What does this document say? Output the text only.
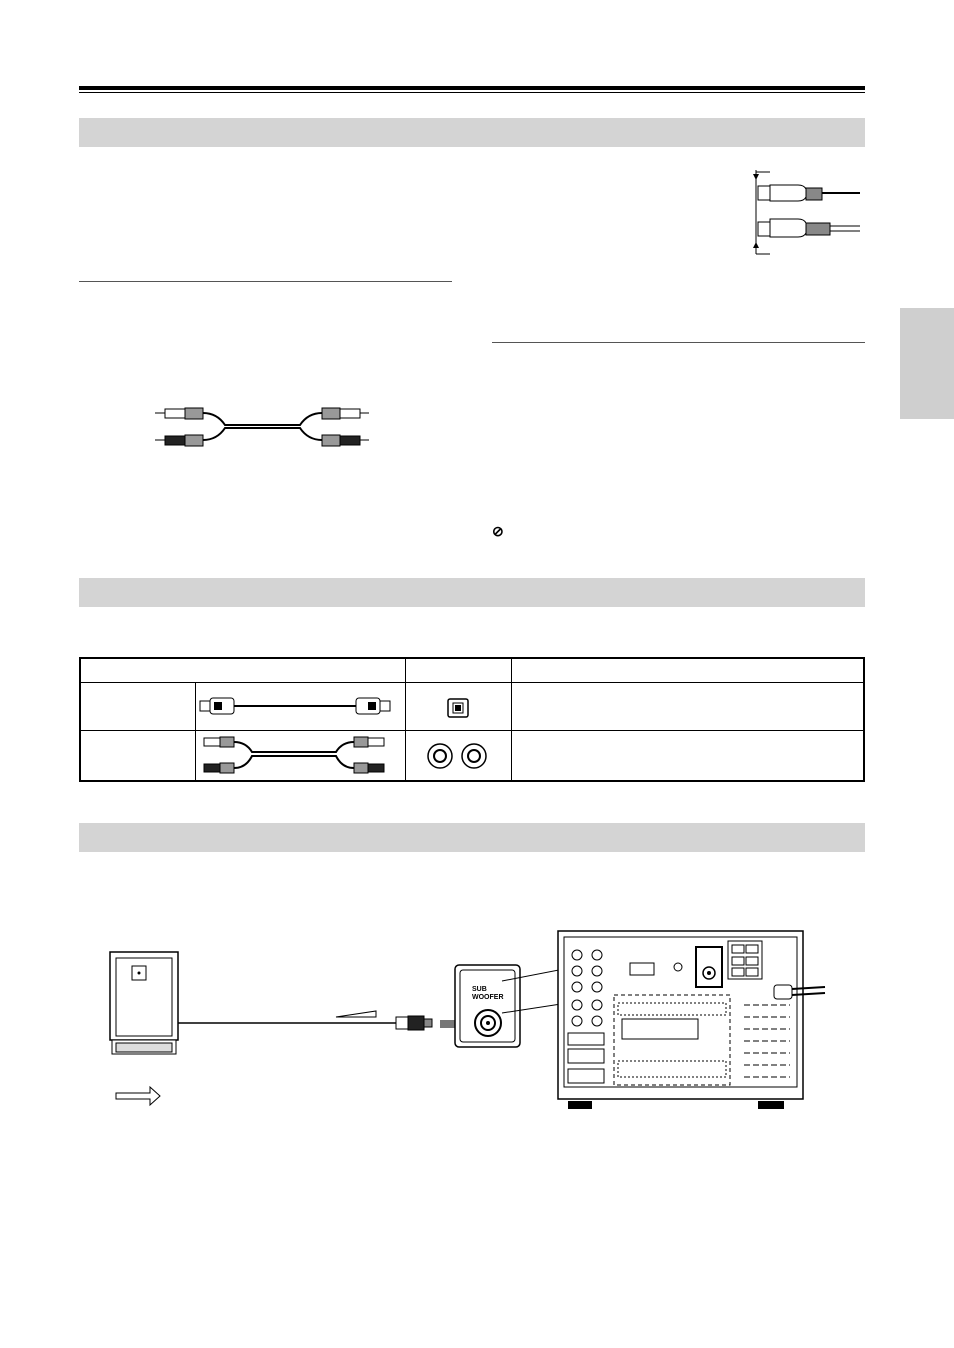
⊘

SUB
WOOFER
